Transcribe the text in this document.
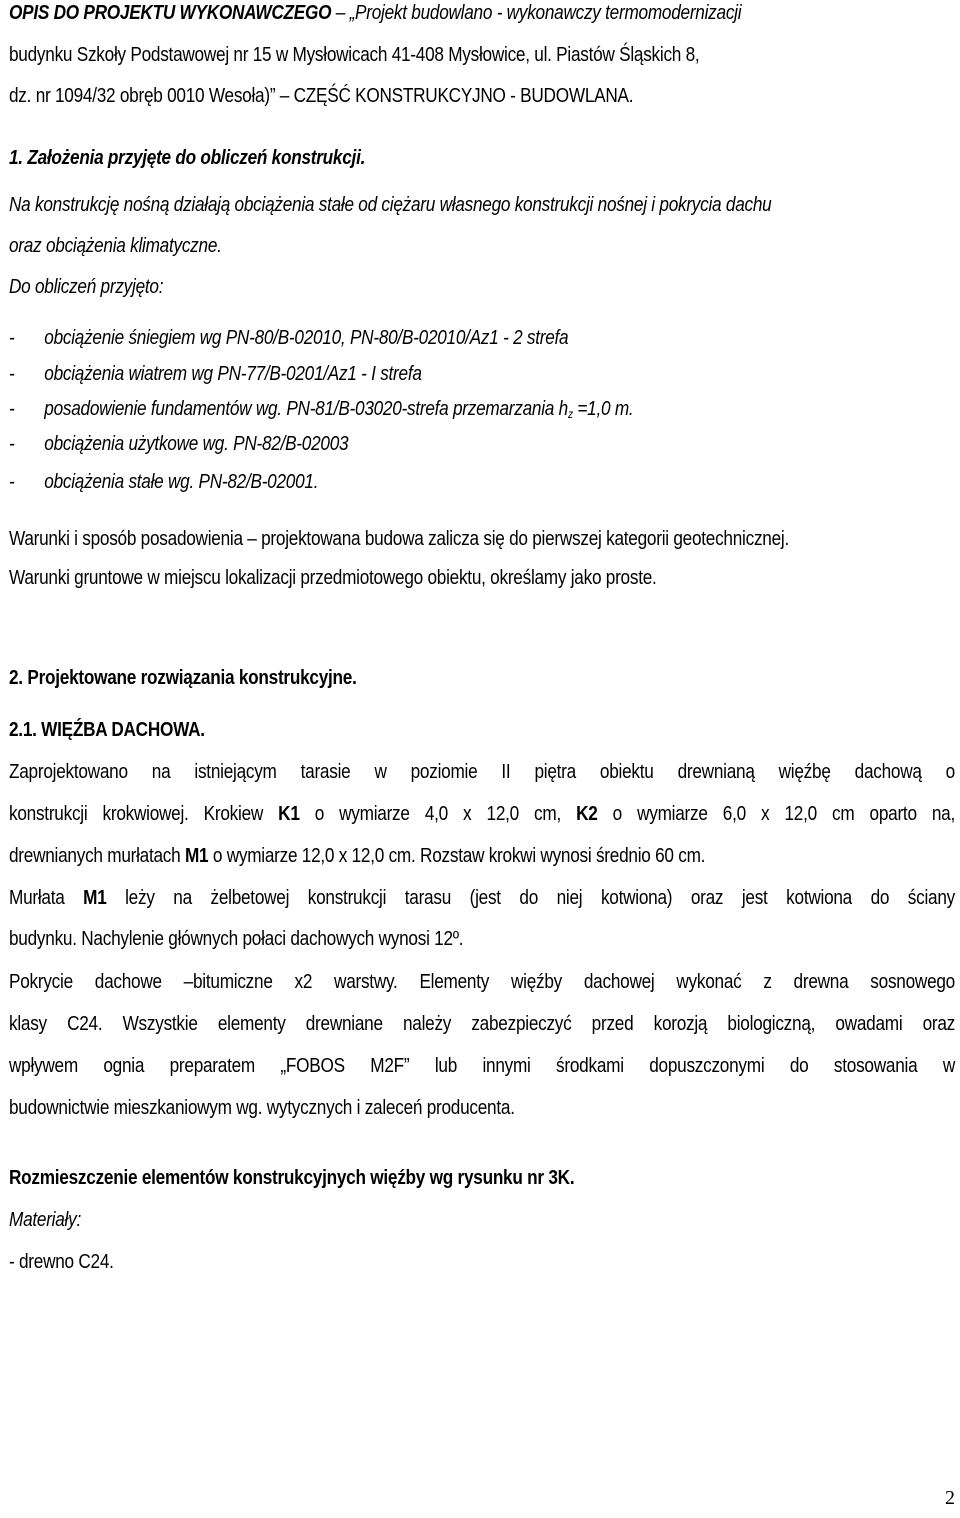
OPIS DO PROJEKTU WYKONAWCZEGO – „Projekt budowlano - wykonawczy termomodernizacji
budynku Szkoły Podstawowej nr 15 w Mysłowicach 41-408 Mysłowice, ul. Piastów Śląskich 8,
dz. nr 1094/32 obręb 0010 Wesoła)” – CZĘŚĆ KONSTRUKCYJNO - BUDOWLANA.
1. Założenia przyjęte do obliczeń konstrukcji.
Na konstrukcję nośną działają obciążenia stałe od ciężaru własnego konstrukcji nośnej i pokrycia dachu
oraz obciążenia klimatyczne.
Do obliczeń przyjęto:
- obciążenie śniegiem wg PN-80/B-02010, PN-80/B-02010/Az1 - 2 strefa
- obciążenia wiatrem wg PN-77/B-0201/Az1 - I strefa
- posadowienie fundamentów wg. PN-81/B-03020-strefa przemarzania $h_z =1,0$ m.
- obciążenia użytkowe wg. PN-82/B-02003
- obciążenia stałe wg. PN-82/B-02001.
Warunki i sposób posadowienia – projektowana budowa zalicza się do pierwszej kategorii geotechnicznej.
Warunki gruntowe w miejscu lokalizacji przedmiotowego obiektu, określamy jako proste.
2. Projektowane rozwiązania konstrukcyjne.
2.1. WIĘŹBA DACHOWA.
Zaprojektowano na istniejącym tarasie w poziomie II piętra obiektu drewnianą więźbę dachową o
konstrukcji krokwiowej. Krokiew K1 o wymiarze 4,0 x 12,0 cm, K2 o wymiarze 6,0 x 12,0 cm oparto na,
drewnianych murłatach M1 o wymiarze 12,0 x 12,0 cm. Rozstaw krokwi wynosi średnio 60 cm.
Murłata M1 leży na żelbetowej konstrukcji tarasu (jest do niej kotwiona) oraz jest kotwiona do ściany
budynku. Nachylenie głównych połaci dachowych wynosi 12º.
Pokrycie dachowe –bitumiczne x2 warstwy. Elementy więźby dachowej wykonać z drewna sosnowego
klasy C24. Wszystkie elementy drewniane należy zabezpieczyć przed korozją biologiczną, owadami oraz
wpływem ognia preparatem „FOBOS M2F” lub innymi środkami dopuszczonymi do stosowania w
budownictwie mieszkaniowym wg. wytycznych i zaleceń producenta.
Rozmieszczenie elementów konstrukcyjnych więźby wg rysunku nr 3K.
Materiały:
- drewno C24.
2
